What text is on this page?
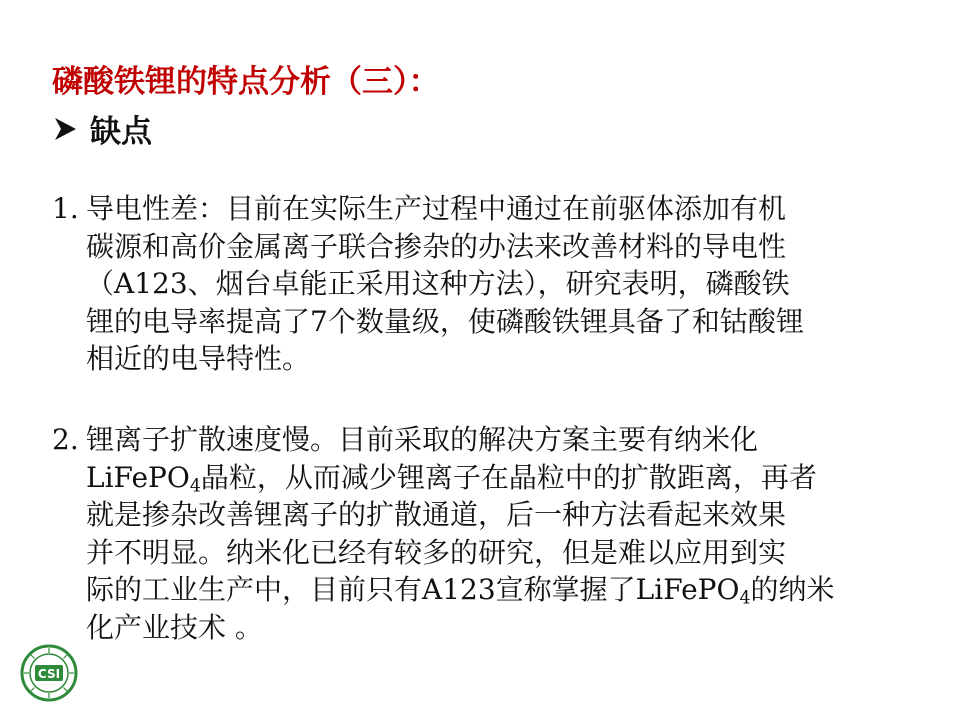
磷酸铁锂的特点分析（三）：
缺点
1. 导电性差：目前在实际生产过程中通过在前驱体添加有机
碳源和高价金属离子联合掺杂的办法来改善材料的导电性
（A123、烟台卓能正采用这种方法），研究表明，磷酸铁
锂的电导率提高了7个数量级，使磷酸铁锂具备了和钴酸锂
相近的电导特性。
2. 锂离子扩散速度慢。目前采取的解决方案主要有纳米化
LiFePO$_4$晶粒，从而减少锂离子在晶粒中的扩散距离，再者
就是掺杂改善锂离子的扩散通道，后一种方法看起来效果
并不明显。纳米化已经有较多的研究，但是难以应用到实
际的工业生产中，目前只有A123宣称掌握了LiFePO$_4$的纳米
化产业技术 。
CSI
